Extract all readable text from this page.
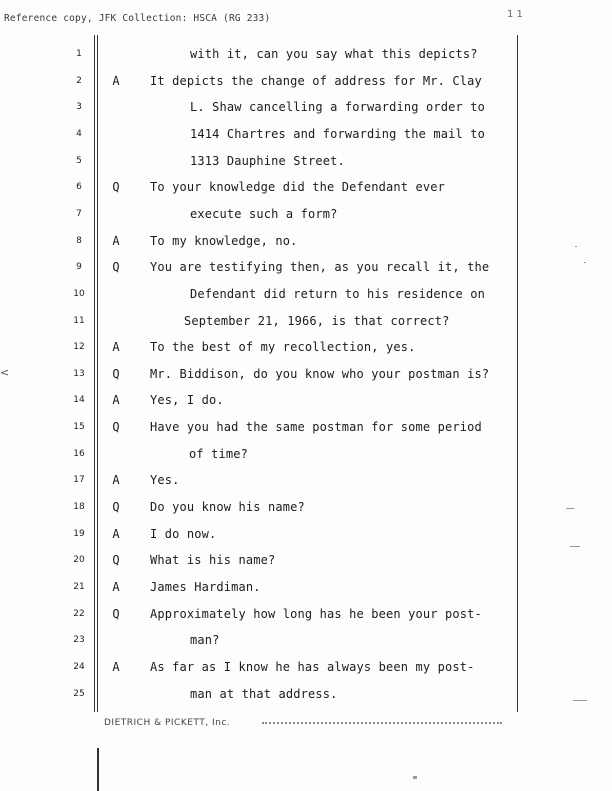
Reference copy, JFK Collection: HSCA (RG 233)	1 1
1	with it, can you say what this depicts?
2	A	It depicts the change of address for Mr. Clay
3	L. Shaw cancelling a forwarding order to
4	1414 Chartres and forwarding the mail to
5	1313 Dauphine Street.
6	Q	To your knowledge did the Defendant ever
7	execute such a form?
8	A	To my knowledge, no.
9	Q	You are testifying then, as you recall it, the
10	Defendant did return to his residence on
11	September 21, 1966, is that correct?
12	A	To the best of my recollection, yes.
13	Q	Mr. Biddison, do you know who your postman is?
14	A	Yes, I do.
15	Q	Have you had the same postman for some period
16	of time?
17	A	Yes.
18	Q	Do you know his name?
19	A	I do now.
20	Q	What is his name?
21	A	James Hardiman.
22	Q	Approximately how long has he been your post-
23	man?
24	A	As far as I know he has always been my post-
25	man at that address.
DIETRICH & PICKETT, Inc.
<
